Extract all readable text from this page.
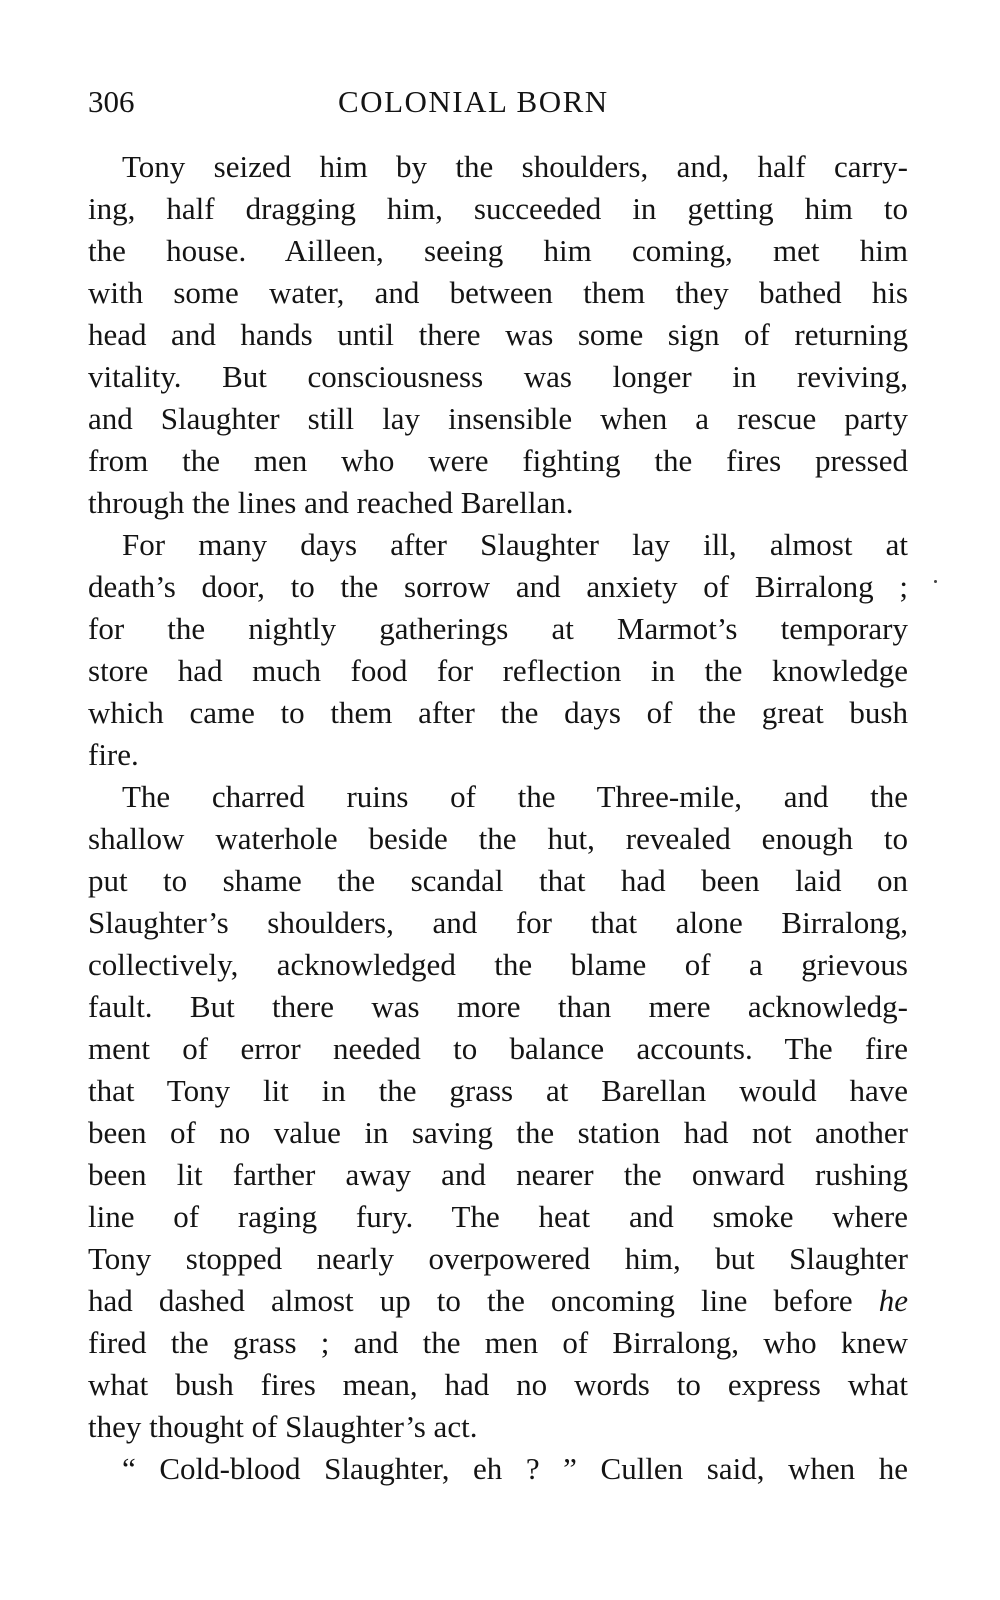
306	COLONIAL BORN
Tony seized him by the shoulders, and, half carry-
ing, half dragging him, succeeded in getting him to
the house. Ailleen, seeing him coming, met him
with some water, and between them they bathed his
head and hands until there was some sign of returning
vitality. But consciousness was longer in reviving,
and Slaughter still lay insensible when a rescue party
from the men who were fighting the fires pressed
through the lines and reached Barellan.
For many days after Slaughter lay ill, almost at
death’s door, to the sorrow and anxiety of Birralong ;
for the nightly gatherings at Marmot’s temporary
store had much food for reflection in the knowledge
which came to them after the days of the great bush
fire.
The charred ruins of the Three-mile, and the
shallow waterhole beside the hut, revealed enough to
put to shame the scandal that had been laid on
Slaughter’s shoulders, and for that alone Birralong,
collectively, acknowledged the blame of a grievous
fault. But there was more than mere acknowledg-
ment of error needed to balance accounts. The fire
that Tony lit in the grass at Barellan would have
been of no value in saving the station had not another
been lit farther away and nearer the onward rushing
line of raging fury. The heat and smoke where
Tony stopped nearly overpowered him, but Slaughter
had dashed almost up to the oncoming line before he
fired the grass ; and the men of Birralong, who knew
what bush fires mean, had no words to express what
they thought of Slaughter’s act.
“ Cold-blood Slaughter, eh ? ” Cullen said, when he
